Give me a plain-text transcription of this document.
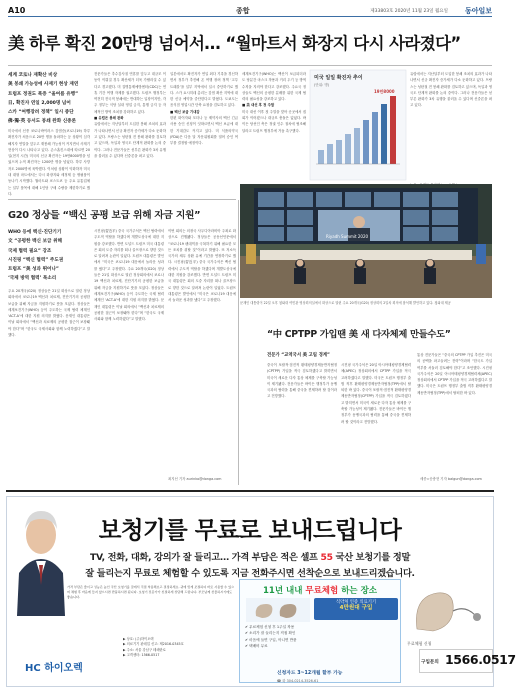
A10	종합	제33803호 2020년 11월 23일 월요일 동아일보
美 하루 확진 20만명 넘어서… “월마트서 화장지 다시 사라졌다”
세계 코로나 재확산 비상
美 봉쇄 가능성에 사재기 현상 재연
트럼프 정권도 폭증 “올여름 유행”
日, 확진자 연일 2,000명 넘어
스카 “여행장려 정책” 일시 중단
佛·獨·英 등서도 봉쇄 완화 신중론
미국에서 신종 코로나바이러스 감염증(코로나19) 하루 확진자가 처음으로 20만 명을 돌파하는 등 상황이 심각해지자 연말을 앞두고 재봉쇄 가능성이 커지면서 사재기 현상이 다시 나타나고 있다. 존스홉킨스대에 따르면 20일(현지 시간) 미국의 신규 확진자는 19만8000명을 넘었으며 누적 확진자는 1200만 명을 넘었다. 하루 사망자도 2000명에 육박했다. 이처럼 상황이 악화하자 미국 내 대형 마트에서는 다시 화장지와 세정제 등 생필품이 동나기 시작했다. 월마트와 코스트코 등 주요 유통업체는 일부 품목에 대해 1인당 구매 수량을 제한하기로 했다.
전문가들은 추수감사절 연휴를 앞두고 대규모 이동이 이뤄질 경우 확산세가 더욱 가팔라질 수 있다고 경고했다. 미 질병통제예방센터(CDC)는 연휴 기간 여행 자제를 권고했다. 트럼프 행정부는 여전히 전국적 봉쇄에는 반대하는 입장이지만, 각 주 정부는 식당 실내 영업 금지, 통행 금지 등 자체적인 방역 조치를 강화하고 있다.
■ 유럽은 봉쇄 완화
유럽에서는 지난달부터 도입한 봉쇄 조치의 효과가 나타나면서 신규 확진자 증가세가 다소 둔화하고 있다. 프랑스는 성탄절 전 봉쇄 완화를 검토하고 있으며, 독일과 영국도 단계적 완화를 논의 중이다. 그러나 전문가들은 섣부른 완화가 3차 유행을 불러올 수 있다며 신중론을 펴고 있다.
일본에서도 확진자가 연일 최다 기록을 경신하면서 정부가 추진해 온 여행 장려 정책 ‘고투 트래블’을 일부 지역에서 일시 중단하기로 했다. 스가 요시히데 총리는 감염 확산 지역에 대한 신규 예약을 중단한다고 밝혔다. 도쿄도는 음식점 영업시간 단축 요청을 검토하고 있다.
■ 백신 보급 기대감
한편 화이자와 모더나 등 제약사의 백신 긴급사용 승인 신청이 잇따르면서 백신 보급에 대한 기대감도 커지고 있다. 미 식품의약국(FDA)은 다음 달 자문위원회를 열어 승인 여부를 결정할 예정이다.
세계보건기구(WHO)는 백신이 보급되더라도 당분간 마스크 착용과 거리 두기 등 방역 수칙을 지켜야 한다고 강조했다. 주요국 정상들도 백신의 공평한 분배를 위한 국제 협력의 필요성을 강조하고 있다.
■ 美 대선 후 첫 주말
미국 대선 이후 첫 주말을 맞아 곳곳에서 집회가 이어졌으나 대규모 충돌은 없었다. 바이든 당선인 측은 정권 인수 절차에 협조해 달라고 트럼프 행정부에 거듭 촉구했다.
유럽에서는 지난달부터 도입한 봉쇄 조치의 효과가 나타나면서 신규 확진자 증가세가 다소 둔화하고 있다. 프랑스는 성탄절 전 봉쇄 완화를 검토하고 있으며, 독일과 영국도 단계적 완화를 논의 중이다. 그러나 전문가들은 섣부른 완화가 3차 유행을 불러올 수 있다며 신중론을 펴고 있다.
미국 일일 확진자 추이
(단위: 명)
19만8000
G20 정상들 “백신 공평 보급 위해 자금 지원”
WHO 등에 백신·진단기기
文 “공평한 백신 보급 위해
국제 협력 필요” 강조
시진핑 “백신 협력” 주도권
트럼프 “美 성과 뛰어나”
‘국제 방역 협력’ 목소리
주요 20개국(G20) 정상들은 21일 화상으로 열린 정상회의에서 코로나19 백신과 치료제, 진단기기의 공평한 보급을 위해 자금을 지원하기로 뜻을 모았다. 정상들은 세계보건기구(WHO) 등이 주도하는 국제 협력 체계인 ‘ACT-A’에 대한 지원 의지를 밝혔다. 문재인 대통령은 이날 회의에서 “백신과 치료제의 공평한 접근이 보장돼야 한다”며 “한국도 국제사회와 함께 노력하겠다”고 말했다.
시진핑(習近平) 중국 국가주석은 백신 협력에서 주도적 역할을 하겠다며 개발도상국에 대한 지원을 강조했다. 반면 도널드 트럼프 미국 대통령은 회의 도중 자리를 떠나 골프장으로 향한 것으로 알려져 논란이 일었다. 트럼프 대통령은 발언에서 “미국은 코로나19 대응에서 놀라운 성과를 냈다”고 주장했다. 주요 20개국(G20) 정상들은 21일 화상으로 열린 정상회의에서 코로나19 백신과 치료제, 진단기기의 공평한 보급을 위해 자금을 지원하기로 뜻을 모았다. 정상들은 세계보건기구(WHO) 등이 주도하는 국제 협력 체계인 ‘ACT-A’에 대한 지원 의지를 밝혔다. 문재인 대통령은 이날 회의에서 “백신과 치료제의 공평한 접근이 보장돼야 한다”며 “한국도 국제사회와 함께 노력하겠다”고 말했다.
이번 회의는 의장국 사우디아라비아 주최로 화상으로 진행됐다. 정상들은 공동선언문에서 “코로나19 팬데믹을 극복하기 위해 필요한 모든 조치를 취할 것”이라고 밝혔다. 또 저소득 국가의 채무 상환 유예 기간을 연장하기로 했다. 시진핑(習近平) 중국 국가주석은 백신 협력에서 주도적 역할을 하겠다며 개발도상국에 대한 지원을 강조했다. 반면 도널드 트럼프 미국 대통령은 회의 도중 자리를 떠나 골프장으로 향한 것으로 알려져 논란이 일었다. 트럼프 대통령은 발언에서 “미국은 코로나19 대응에서 놀라운 성과를 냈다”고 주장했다.
최지선 기자 aurinko@donga.com
Riyadh Summit 2020
문재인 대통령이 22일 오후 청와대 여민관 영상회의실에서 화상으로 열린 주요 20개국(G20) 정상회의 2일차 회의에 참석해 발언하고 있다. 청와대 제공
“中 CPTPP 가입땐 美 새 다자체제 만들수도”
전문가 “교역국서 美 고립 경계”
중국이 포괄적·점진적 환태평양경제동반자협정(CPTPP) 가입을 적극 검토하겠다고 밝히면서 미국이 새로운 다자 통상 체제를 구축할 가능성이 제기됐다. 전문가들은 바이든 행정부가 동맹국과의 협력을 통해 중국을 견제하려 할 것이라고 전망했다.
시진핑 국가주석은 20일 아시아태평양경제협력체(APEC) 정상회의에서 CPTPP 가입을 적극 고려하겠다고 말했다. 미국은 트럼프 행정부 출범 직후 환태평양경제동반자협정(TPP)에서 탈퇴한 바 있다. 중국이 포괄적·점진적 환태평양경제동반자협정(CPTPP) 가입을 적극 검토하겠다고 밝히면서 미국이 새로운 다자 통상 체제를 구축할 가능성이 제기됐다. 전문가들은 바이든 행정부가 동맹국과의 협력을 통해 중국을 견제하려 할 것이라고 전망했다.
통상 전문가들은 “중국의 CPTPP 가입 추진은 미국의 공백을 파고들려는 전략”이라며 “한국도 가입 여부를 서둘러 검토해야 한다”고 조언했다. 시진핑 국가주석은 20일 아시아태평양경제협력체(APEC) 정상회의에서 CPTPP 가입을 적극 고려하겠다고 말했다. 미국은 트럼프 행정부 출범 직후 환태평양경제동반자협정(TPP)에서 탈퇴한 바 있다.
세종=송충현 기자 balgun@donga.com
보청기를 무료로 보내드립니다
TV, 전화, 대화, 강의가 잘 들리고… 가격 부담은 적은 셀프 55 국산 보청기를 정말
잘 들리는지 무료로 체험할 수 있도록 지금 전화주시면 선착순으로 보내드리겠습니다.
가격 부담은 줄이고 성능은 높인 국산 보청기를 집에서 직접 착용해보고 결정하세요. 귀에 맞게 조절하여 바로 사용할 수 있으며 체험 후 마음에 들지 않으시면 반품하시면 됩니다. 보청기 전문가가 친절하게 상담해 드립니다. 부모님께 선물하시기에도 좋습니다.
HC 하이오렉
▶ 상호: (주)하이오렉
▶ 의료기기 판매업 신고: 제2016-0345호
▶ 주소: 서울 강남구 테헤란로
▶ 고객센터: 1566-0517
11년 내내 무료체험 하는 장소
식약처 인증 의료기기
4만원대 구입
✔ 무료체험 신청 후 1주일 착용
✔ 소리가 잘 들리는지 직접 확인
✔ 마음에 들면 구입, 아니면 반품
✔ 택배비 무료
무료체험 신청
구입문의 1566.0517
신청자드 3~12개월 할부 가능
☎ 화 304-0214-3526-61
